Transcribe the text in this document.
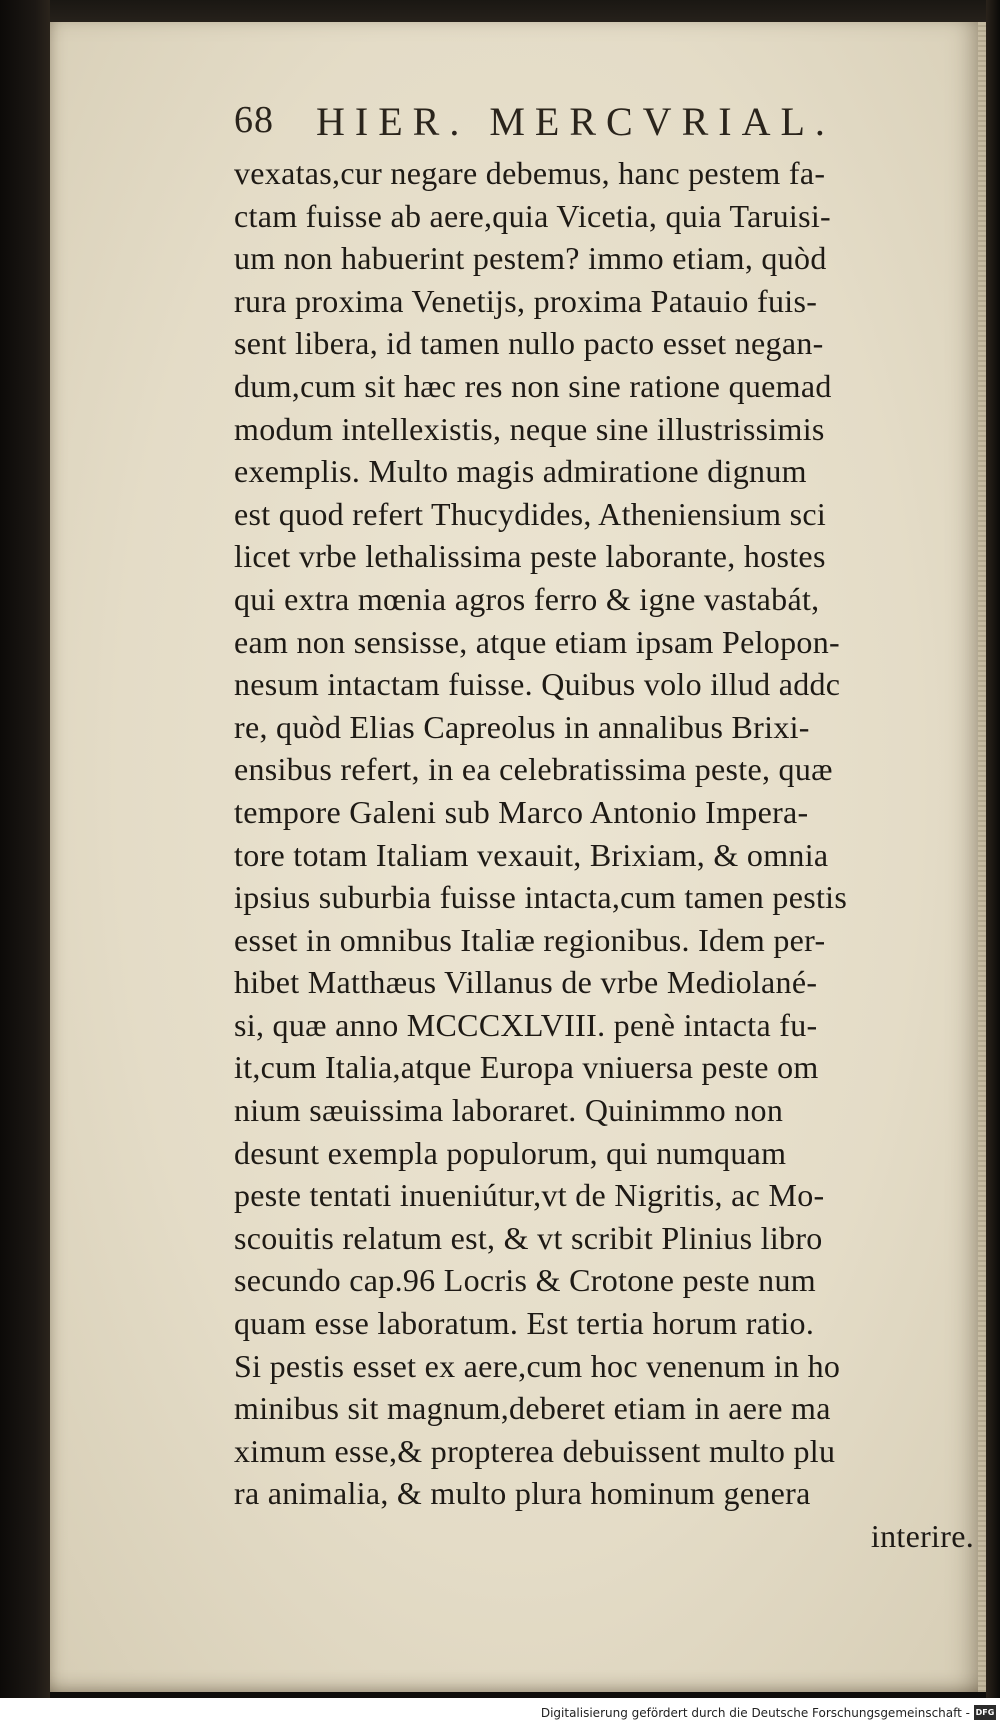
68 HIER. MERCVRIAL.
vexatas,cur negare debemus, hanc pestem fa-
ctam fuisse ab aere,quia Vicetia, quia Taruisi-
um non habuerint pestem? immo etiam, quòd
rura proxima Venetijs, proxima Patauio fuis-
sent libera, id tamen nullo pacto esset negan-
dum,cum sit hæc res non sine ratione quemad
modum intellexistis, neque sine illustrissimis
exemplis. Multo magis admiratione dignum
est quod refert Thucydides, Atheniensium sci
licet vrbe lethalissima peste laborante, hostes
qui extra mœnia agros ferro & igne vastabát,
eam non sensisse, atque etiam ipsam Pelopon-
nesum intactam fuisse. Quibus volo illud addc
re, quòd Elias Capreolus in annalibus Brixi-
ensibus refert, in ea celebratissima peste, quæ
tempore Galeni sub Marco Antonio Impera-
tore totam Italiam vexauit, Brixiam, & omnia
ipsius suburbia fuisse intacta,cum tamen pestis
esset in omnibus Italiæ regionibus. Idem per-
hibet Matthæus Villanus de vrbe Mediolané-
si, quæ anno MCCCXLVIII. penè intacta fu-
it,cum Italia,atque Europa vniuersa peste om
nium sæuissima laboraret. Quinimmo non
desunt exempla populorum, qui numquam
peste tentati inueniútur,vt de Nigritis, ac Mo-
scouitis relatum est, & vt scribit Plinius libro
secundo cap.96 Locris & Crotone peste num
quam esse laboratum. Est tertia horum ratio.
Si pestis esset ex aere,cum hoc venenum in ho
minibus sit magnum,deberet etiam in aere ma
ximum esse,& propterea debuissent multo plu
ra animalia, & multo plura hominum genera
interire.
Digitalisierung gefördert durch die Deutsche Forschungsgemeinschaft - DFG
